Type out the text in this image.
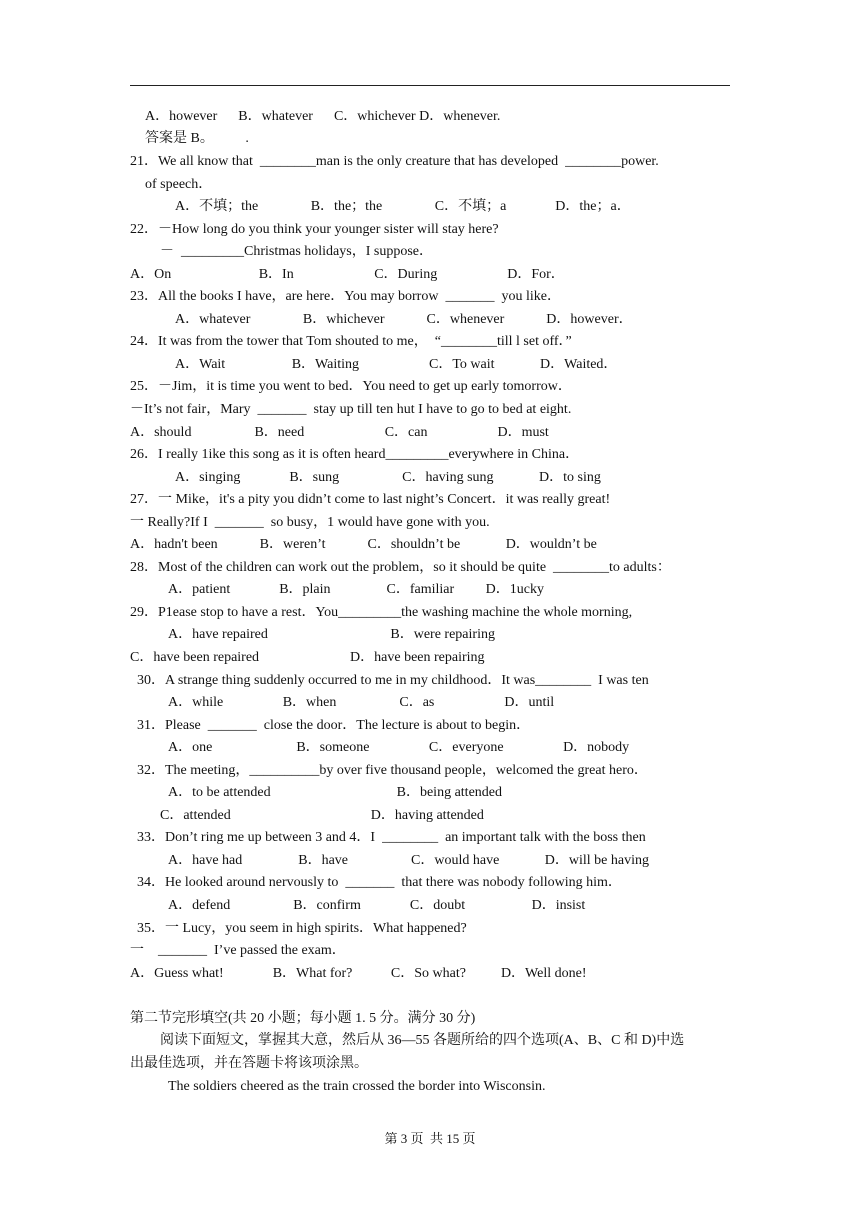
A．however      B．whatever      C．whichever D．whenever.
答案是 B。         .
21．We all know that  ________man is the only creature that has developed  ________power.
of speech．
A．不填；the               B．the；the               C．不填；a              D．the；a．
22．－How long do you think your younger sister will stay here?
－  _________Christmas holidays，I suppose．
A．On                         B．In                       C．During                    D．For．
23．All the books I have，are here．You may borrow  _______  you like．
A．whatever               B．whichever            C．whenever            D．however．
24．It was from the tower that Tom shouted to me，  “________till l set off．”
A．Wait                   B．Waiting                    C．To wait             D．Waited．
25．－Jim，it is time you went to bed．You need to get up early tomorrow．
－It’s not fair，Mary  _______  stay up till ten hut I have to go to bed at eight.
A．should                  B．need                       C．can                    D．must
26．I really 1ike this song as it is often heard_________everywhere in China．
A．singing              B．sung                  C．having sung             D．to sing
27．一 Mike，it's a pity you didn’t come to last night’s Concert．it was really great!
一 Really?If I  _______  so busy，1 would have gone with you.
A．hadn't been            B．weren’t            C．shouldn’t be             D．wouldn’t be
28．Most of the children can work out the problem，so it should be quite  ________to adults：
A．patient              B．plain                C．familiar         D．1ucky
29．P1ease stop to have a rest．You_________the washing machine the whole morning,
A．have repaired                                   B．were repairing
C．have been repaired                          D．have been repairing
30．A strange thing suddenly occurred to me in my childhood．It was________  I was ten
A．while                 B．when                  C．as                    D．until
31．Please  _______  close the door．The lecture is about to begin．
A．one                        B．someone                 C．everyone                 D．nobody
32．The meeting，__________by over five thousand people，welcomed the great hero．
A．to be attended                                    B．being attended
C．attended                                        D．having attended
33．Don’t ring me up between 3 and 4．I  ________  an important talk with the boss then
A．have had                B．have                  C．would have             D．will be having
34．He looked around nervously to  _______  that there was nobody following him．
A．defend                  B．confirm              C．doubt                   D．insist
35．一 Lucy，you seem in high spirits．What happened?
一    _______  I’ve passed the exam．
A．Guess what!              B．What for?           C．So what?          D．Well done!
第二节完形填空(共 20 小题；每小题 1. 5 分。满分 30 分)
阅读下面短文，掌握其大意，然后从 36—55 各题所给的四个选项(A、B、C 和 D)中选
出最佳选项，并在答题卡将该项涂黑。
The soldiers cheered as the train crossed the border into Wisconsin.
第 3 页  共 15 页
